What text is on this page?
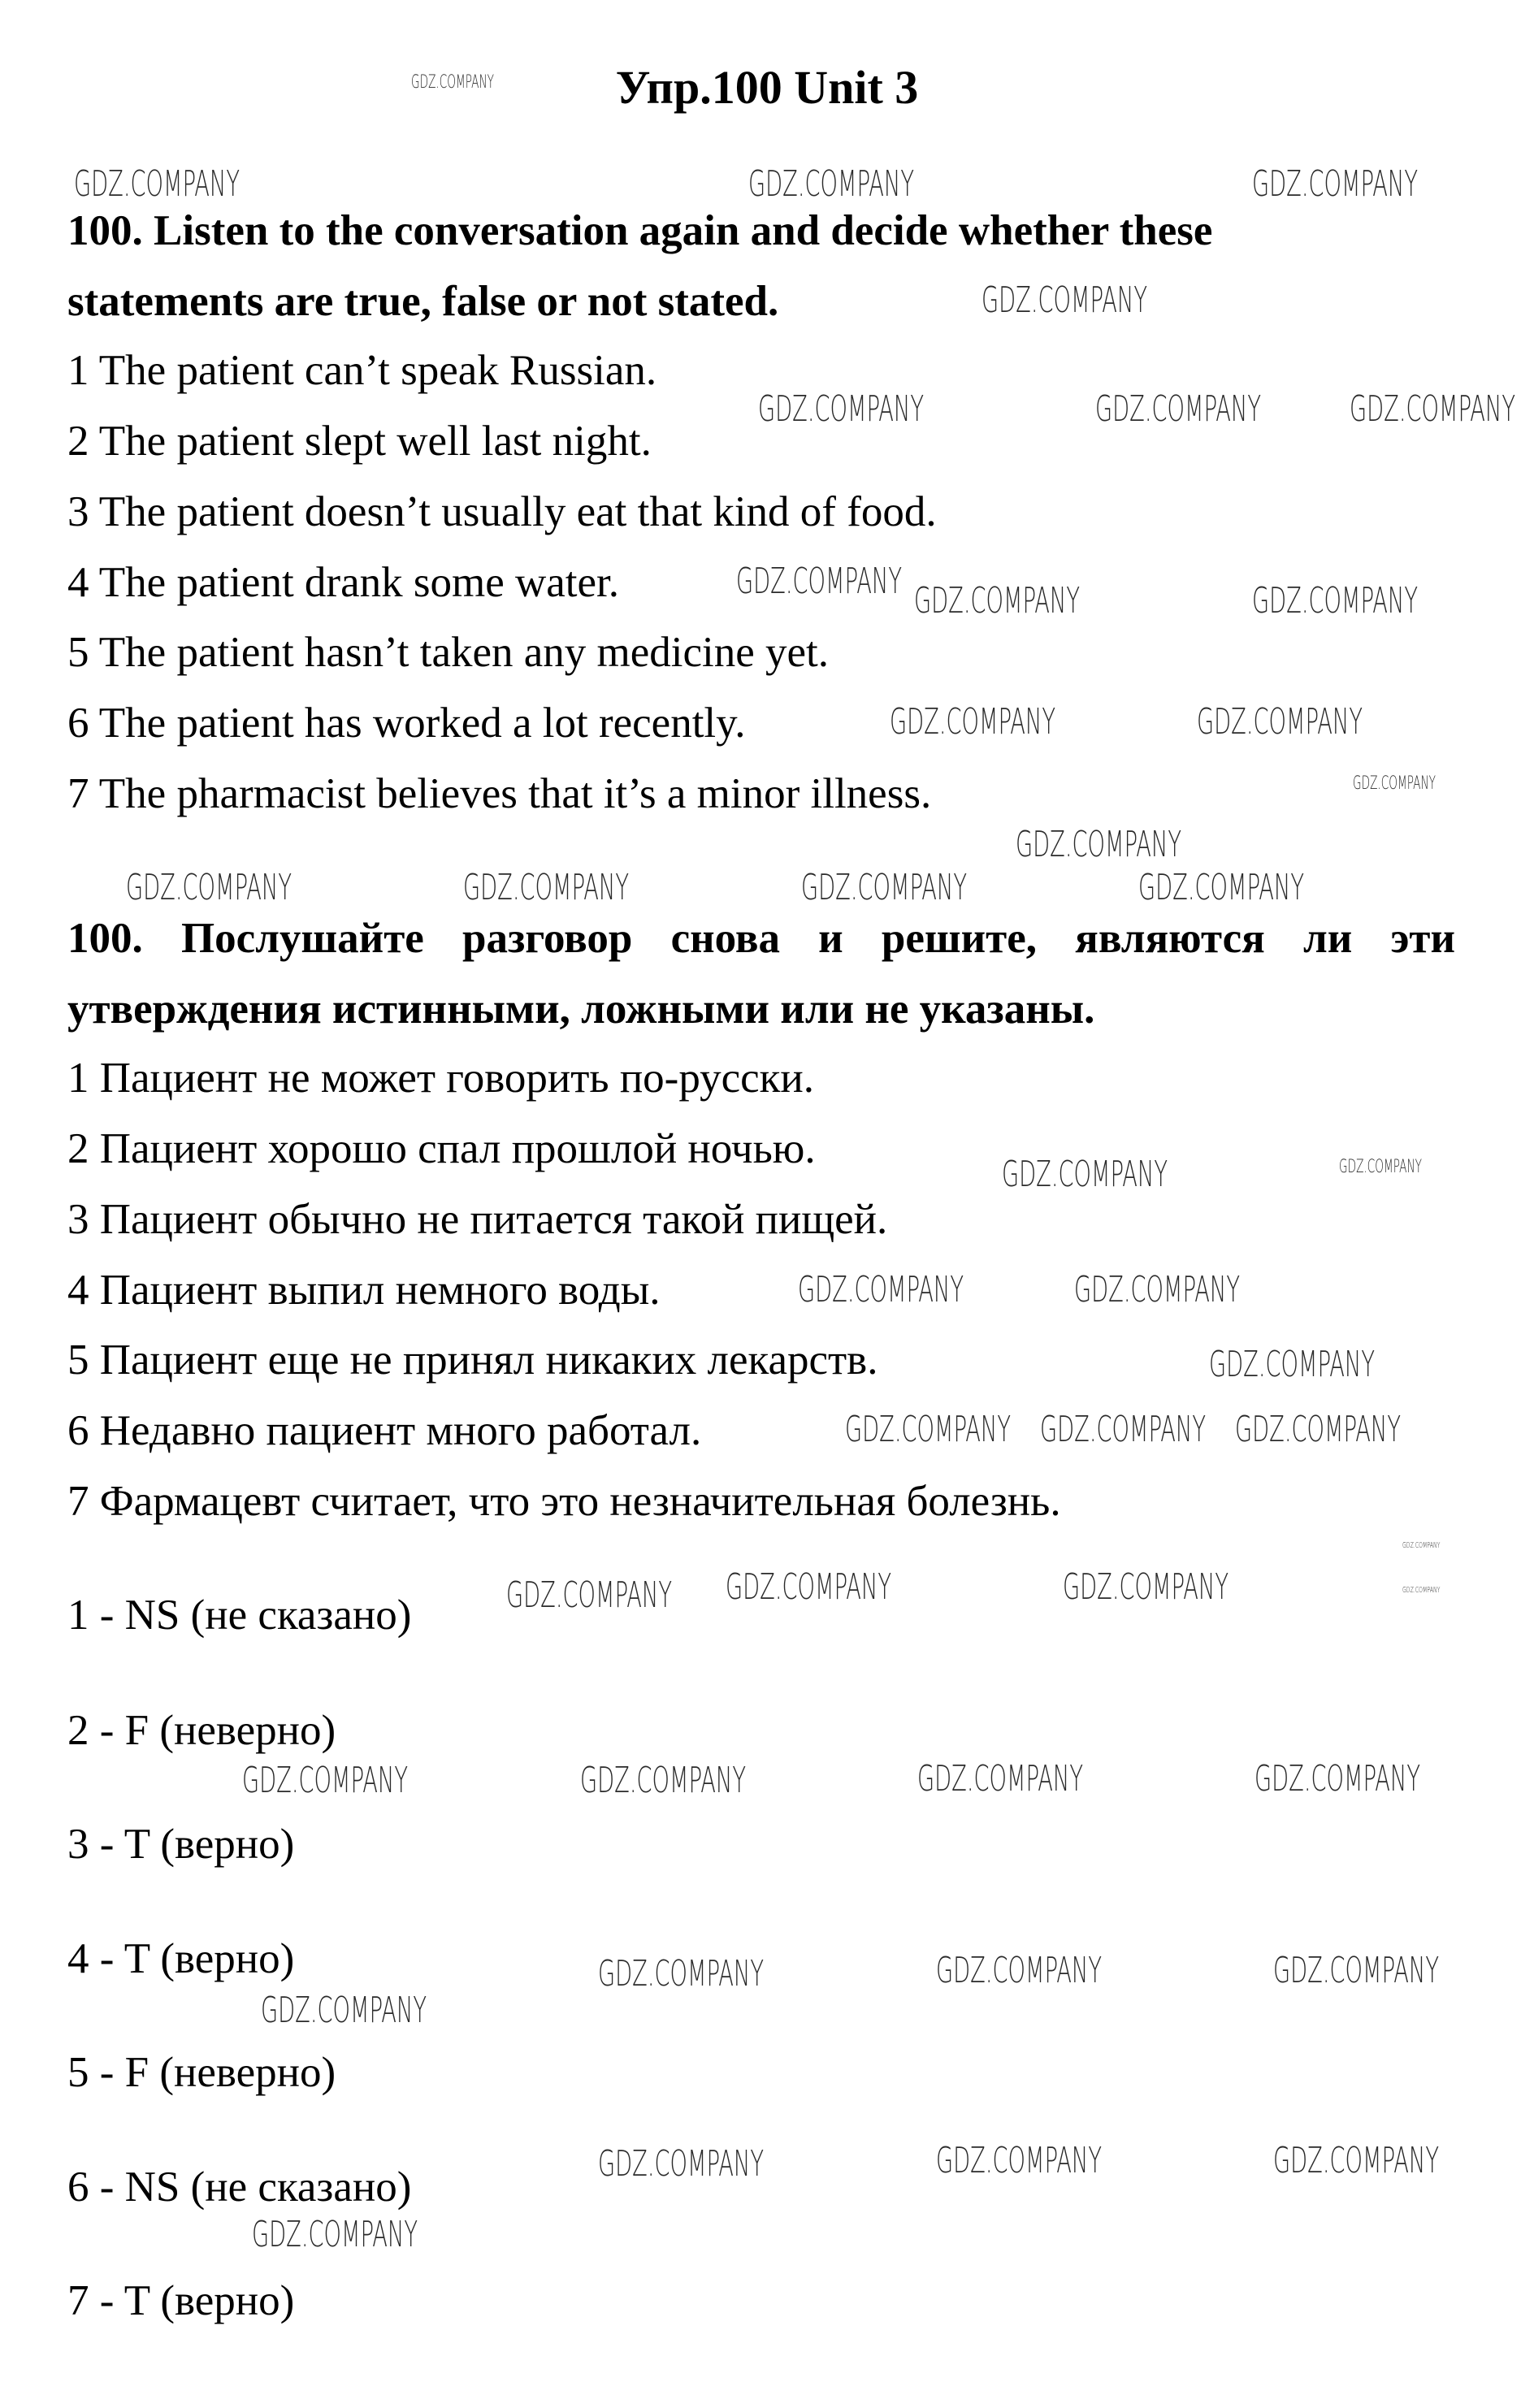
Упр.100 Unit 3
100. Listen to the conversation again and decide whether these
statements are true, false or not stated.
1 The patient can’t speak Russian.
2 The patient slept well last night.
3 The patient doesn’t usually eat that kind of food.
4 The patient drank some water.
5 The patient hasn’t taken any medicine yet.
6 The patient has worked a lot recently.
7 The pharmacist believes that it’s a minor illness.
100. Послушайте разговор снова и решите, являются ли эти
утверждения истинными, ложными или не указаны.
1 Пациент не может говорить по-русски.
2 Пациент хорошо спал прошлой ночью.
3 Пациент обычно не питается такой пищей.
4 Пациент выпил немного воды.
5 Пациент еще не принял никаких лекарств.
6 Недавно пациент много работал.
7 Фармацевт считает, что это незначительная болезнь.
1 - NS (не сказано)
2 - F (неверно)
3 - T (верно)
4 - T (верно)
5 - F (неверно)
6 - NS (не сказано)
7 - T (верно)
GDZ.COMPANY
GDZ.COMPANY	GDZ.COMPANY	GDZ.COMPANY
GDZ.COMPANY
GDZ.COMPANY
GDZ.COMPANY	GDZ.COMPANY
GDZ.COMPANY GDZ.COMPANY	GDZ.COMPANY
GDZ.COMPANY	GDZ.COMPANY
GDZ.COMPANY
GDZ.COMPANY
GDZ.COMPANY	GDZ.COMPANY	GDZ.COMPANY	GDZ.COMPANY
GDZ.COMPANY	GDZ.COMPANY
GDZ.COMPANY	GDZ.COMPANY
GDZ.COMPANY
GDZ.COMPANY GDZ.COMPANY GDZ.COMPANY
GDZ.COMPANY
GDZ.COMPANY GDZ.COMPANY	GDZ.COMPANY	GDZ.COMPANY
GDZ.COMPANY	GDZ.COMPANY	GDZ.COMPANY	GDZ.COMPANY
GDZ.COMPANY	GDZ.COMPANY	GDZ.COMPANY
GDZ.COMPANY
GDZ.COMPANY	GDZ.COMPANY	GDZ.COMPANY
GDZ.COMPANY
